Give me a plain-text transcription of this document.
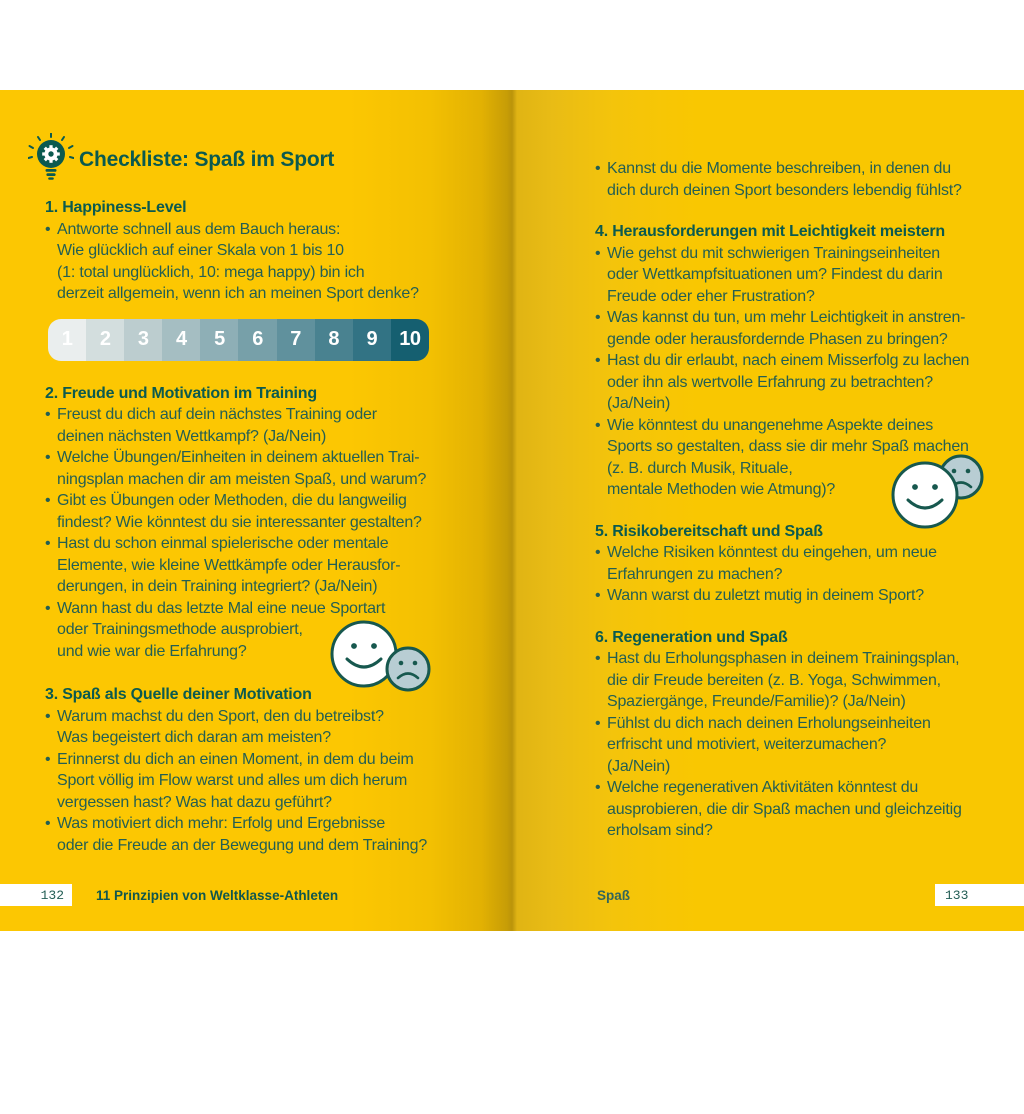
Checkliste: Spaß im Sport
1. Happiness-Level
• Antworte schnell aus dem Bauch heraus:
Wie glücklich auf einer Skala von 1 bis 10
(1: total unglücklich, 10: mega happy) bin ich
derzeit allgemein, wenn ich an meinen Sport denke?
1	2	3	4	5	6	7	8	9	10
2. Freude und Motivation im Training
• Freust du dich auf dein nächstes Training oder
deinen nächsten Wettkampf? (Ja/Nein)
• Welche Übungen/Einheiten in deinem aktuellen Trai-
ningsplan machen dir am meisten Spaß, und warum?
• Gibt es Übungen oder Methoden, die du langweilig
findest? Wie könntest du sie interessanter gestalten?
• Hast du schon einmal spielerische oder mentale
Elemente, wie kleine Wettkämpfe oder Herausfor-
derungen, in dein Training integriert? (Ja/Nein)
• Wann hast du das letzte Mal eine neue Sportart
oder Trainingsmethode ausprobiert,
und wie war die Erfahrung?
3. Spaß als Quelle deiner Motivation
• Warum machst du den Sport, den du betreibst?
Was begeistert dich daran am meisten?
• Erinnerst du dich an einen Moment, in dem du beim
Sport völlig im Flow warst und alles um dich herum
vergessen hast? Was hat dazu geführt?
• Was motiviert dich mehr: Erfolg und Ergebnisse
oder die Freude an der Bewegung und dem Training?
• Kannst du die Momente beschreiben, in denen du
dich durch deinen Sport besonders lebendig fühlst?
4. Herausforderungen mit Leichtigkeit meistern
• Wie gehst du mit schwierigen Trainingseinheiten
oder Wettkampfsituationen um? Findest du darin
Freude oder eher Frustration?
• Was kannst du tun, um mehr Leichtigkeit in anstren-
gende oder herausfordernde Phasen zu bringen?
• Hast du dir erlaubt, nach einem Misserfolg zu lachen
oder ihn als wertvolle Erfahrung zu betrachten?
(Ja/Nein)
• Wie könntest du unangenehme Aspekte deines
Sports so gestalten, dass sie dir mehr Spaß machen
(z. B. durch Musik, Rituale,
mentale Methoden wie Atmung)?
5. Risikobereitschaft und Spaß
• Welche Risiken könntest du eingehen, um neue
Erfahrungen zu machen?
• Wann warst du zuletzt mutig in deinem Sport?
6. Regeneration und Spaß
• Hast du Erholungsphasen in deinem Trainingsplan,
die dir Freude bereiten (z. B. Yoga, Schwimmen,
Spaziergänge, Freunde/Familie)? (Ja/Nein)
• Fühlst du dich nach deinen Erholungseinheiten
erfrischt und motiviert, weiterzumachen?
(Ja/Nein)
• Welche regenerativen Aktivitäten könntest du
ausprobieren, die dir Spaß machen und gleichzeitig
erholsam sind?
132 11 Prinzipien von Weltklasse-Athleten	Spaß	133
